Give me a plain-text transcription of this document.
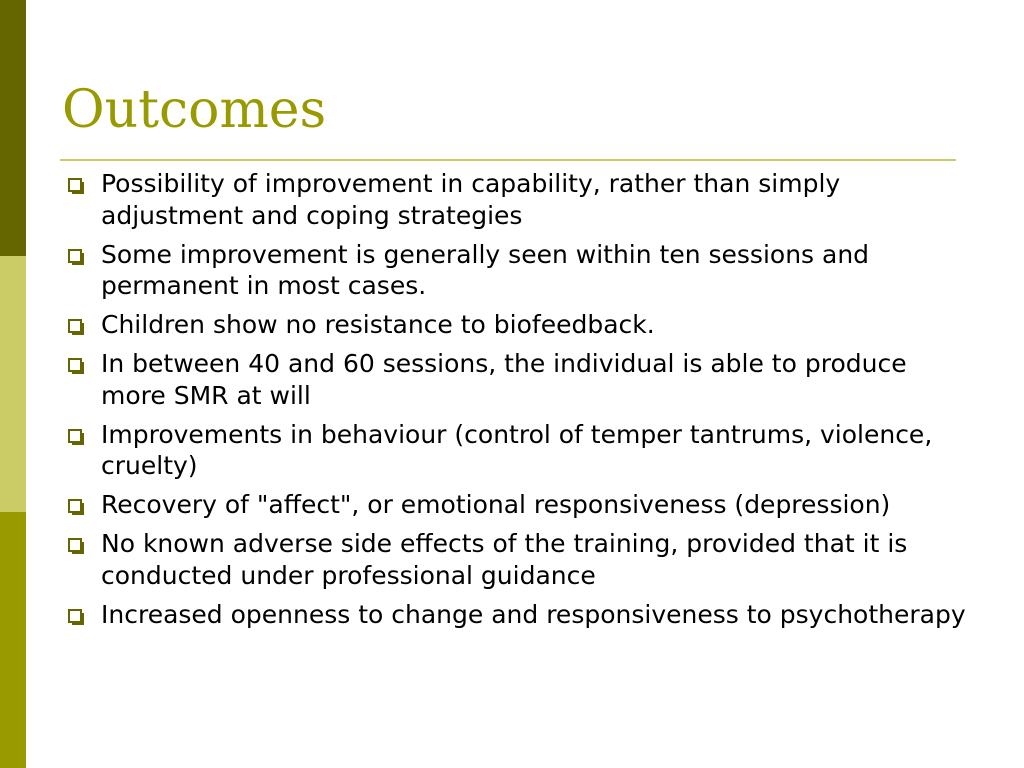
Outcomes
Possibility of improvement in capability, rather than simply adjustment and coping strategies
Some improvement is generally seen within ten sessions and permanent in most cases.
Children show no resistance to biofeedback.
In between 40 and 60 sessions, the individual is able to produce more SMR at will
Improvements in behaviour (control of temper tantrums, violence, cruelty)
Recovery of "affect", or emotional responsiveness (depression)
No known adverse side effects of the training, provided that it is conducted under professional guidance
Increased openness to change and responsiveness to psychotherapy
